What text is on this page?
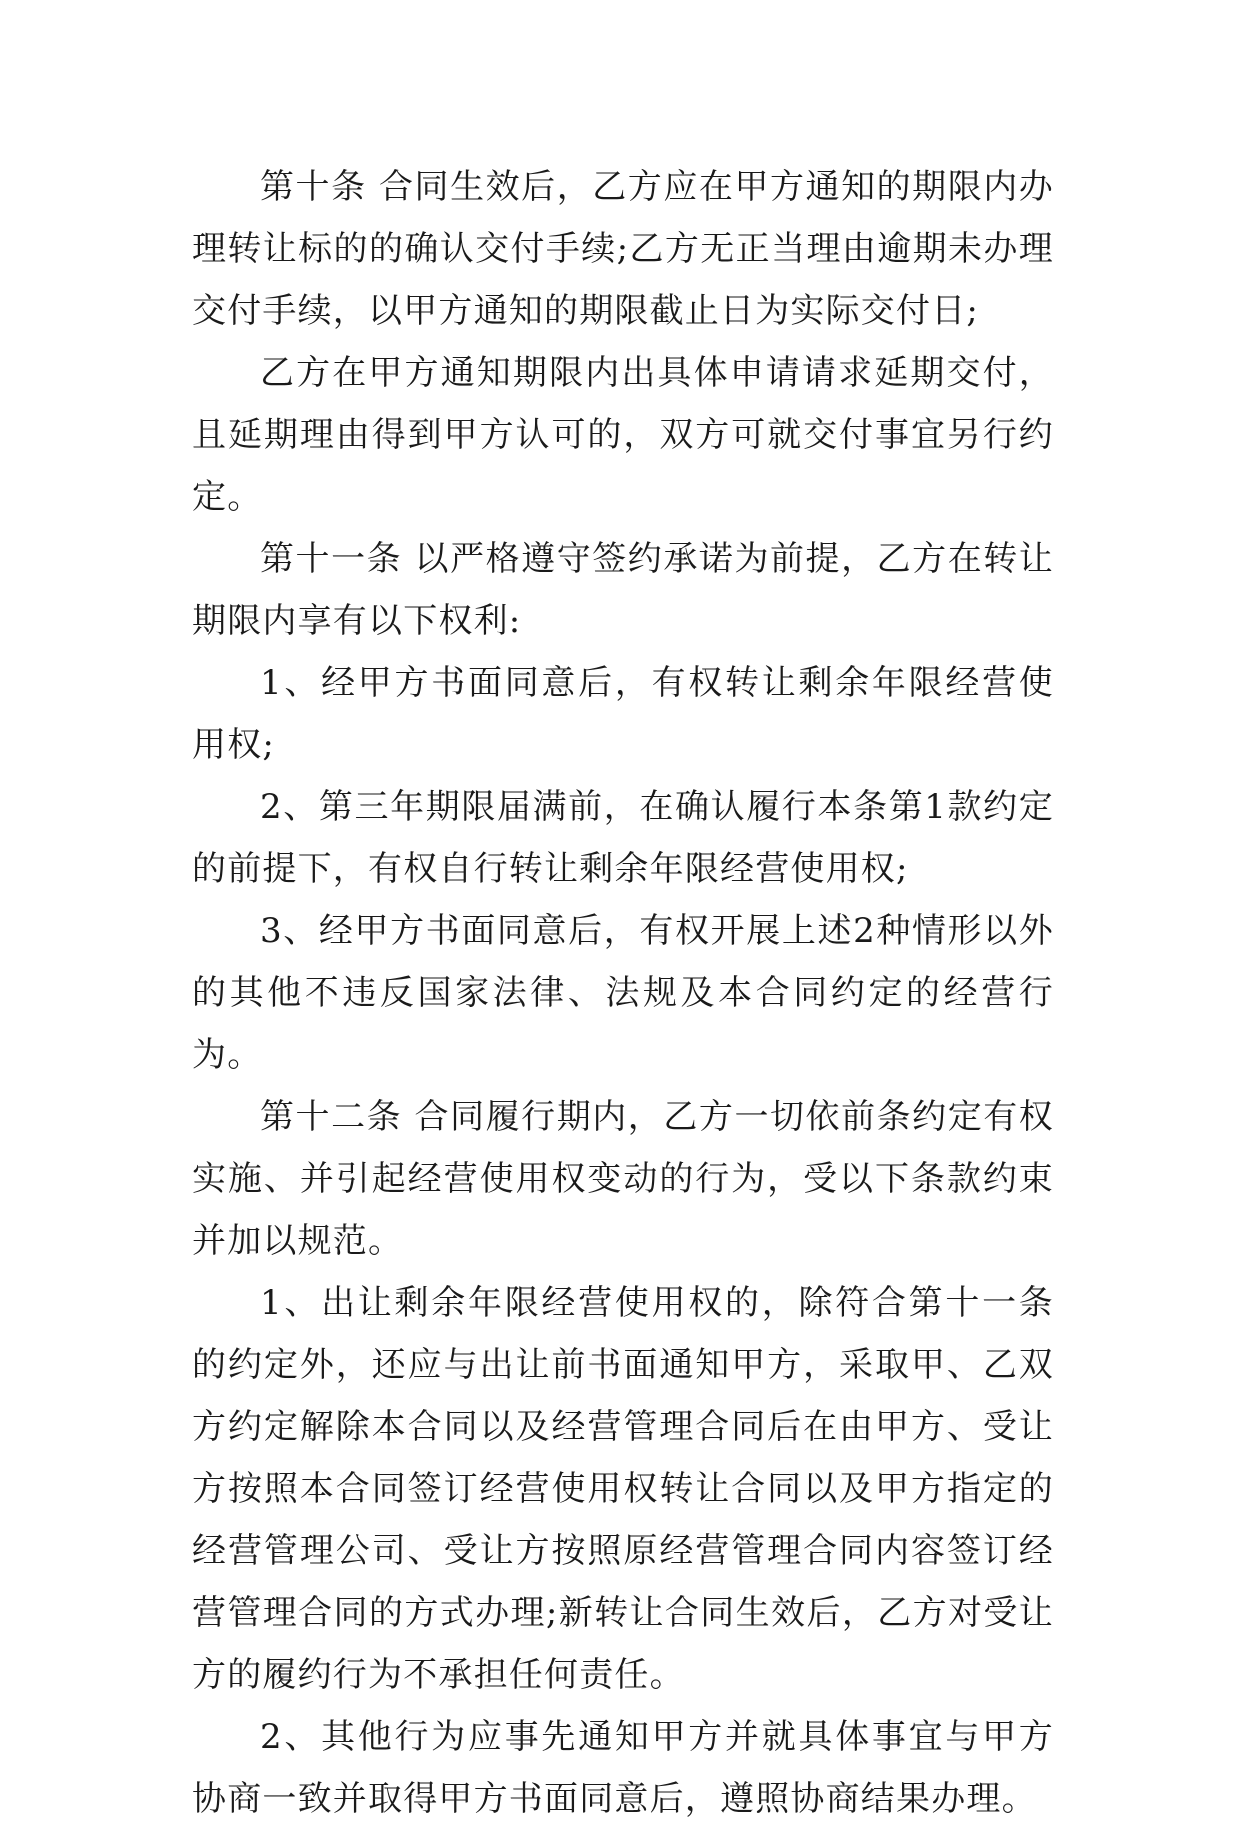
第十条 合同生效后，乙方应在甲方通知的期限内办理转让标的的确认交付手续;乙方无正当理由逾期未办理交付手续，以甲方通知的期限截止日为实际交付日;

乙方在甲方通知期限内出具体申请请求延期交付，且延期理由得到甲方认可的，双方可就交付事宜另行约定。

第十一条 以严格遵守签约承诺为前提，乙方在转让期限内享有以下权利:

1、经甲方书面同意后，有权转让剩余年限经营使用权;

2、第三年期限届满前，在确认履行本条第1款约定的前提下，有权自行转让剩余年限经营使用权;

3、经甲方书面同意后，有权开展上述2种情形以外的其他不违反国家法律、法规及本合同约定的经营行为。

第十二条 合同履行期内，乙方一切依前条约定有权实施、并引起经营使用权变动的行为，受以下条款约束并加以规范。

1、出让剩余年限经营使用权的，除符合第十一条的约定外，还应与出让前书面通知甲方，采取甲、乙双方约定解除本合同以及经营管理合同后在由甲方、受让方按照本合同签订经营使用权转让合同以及甲方指定的经营管理公司、受让方按照原经营管理合同内容签订经营管理合同的方式办理;新转让合同生效后，乙方对受让方的履约行为不承担任何责任。

2、其他行为应事先通知甲方并就具体事宜与甲方协商一致并取得甲方书面同意后，遵照协商结果办理。
